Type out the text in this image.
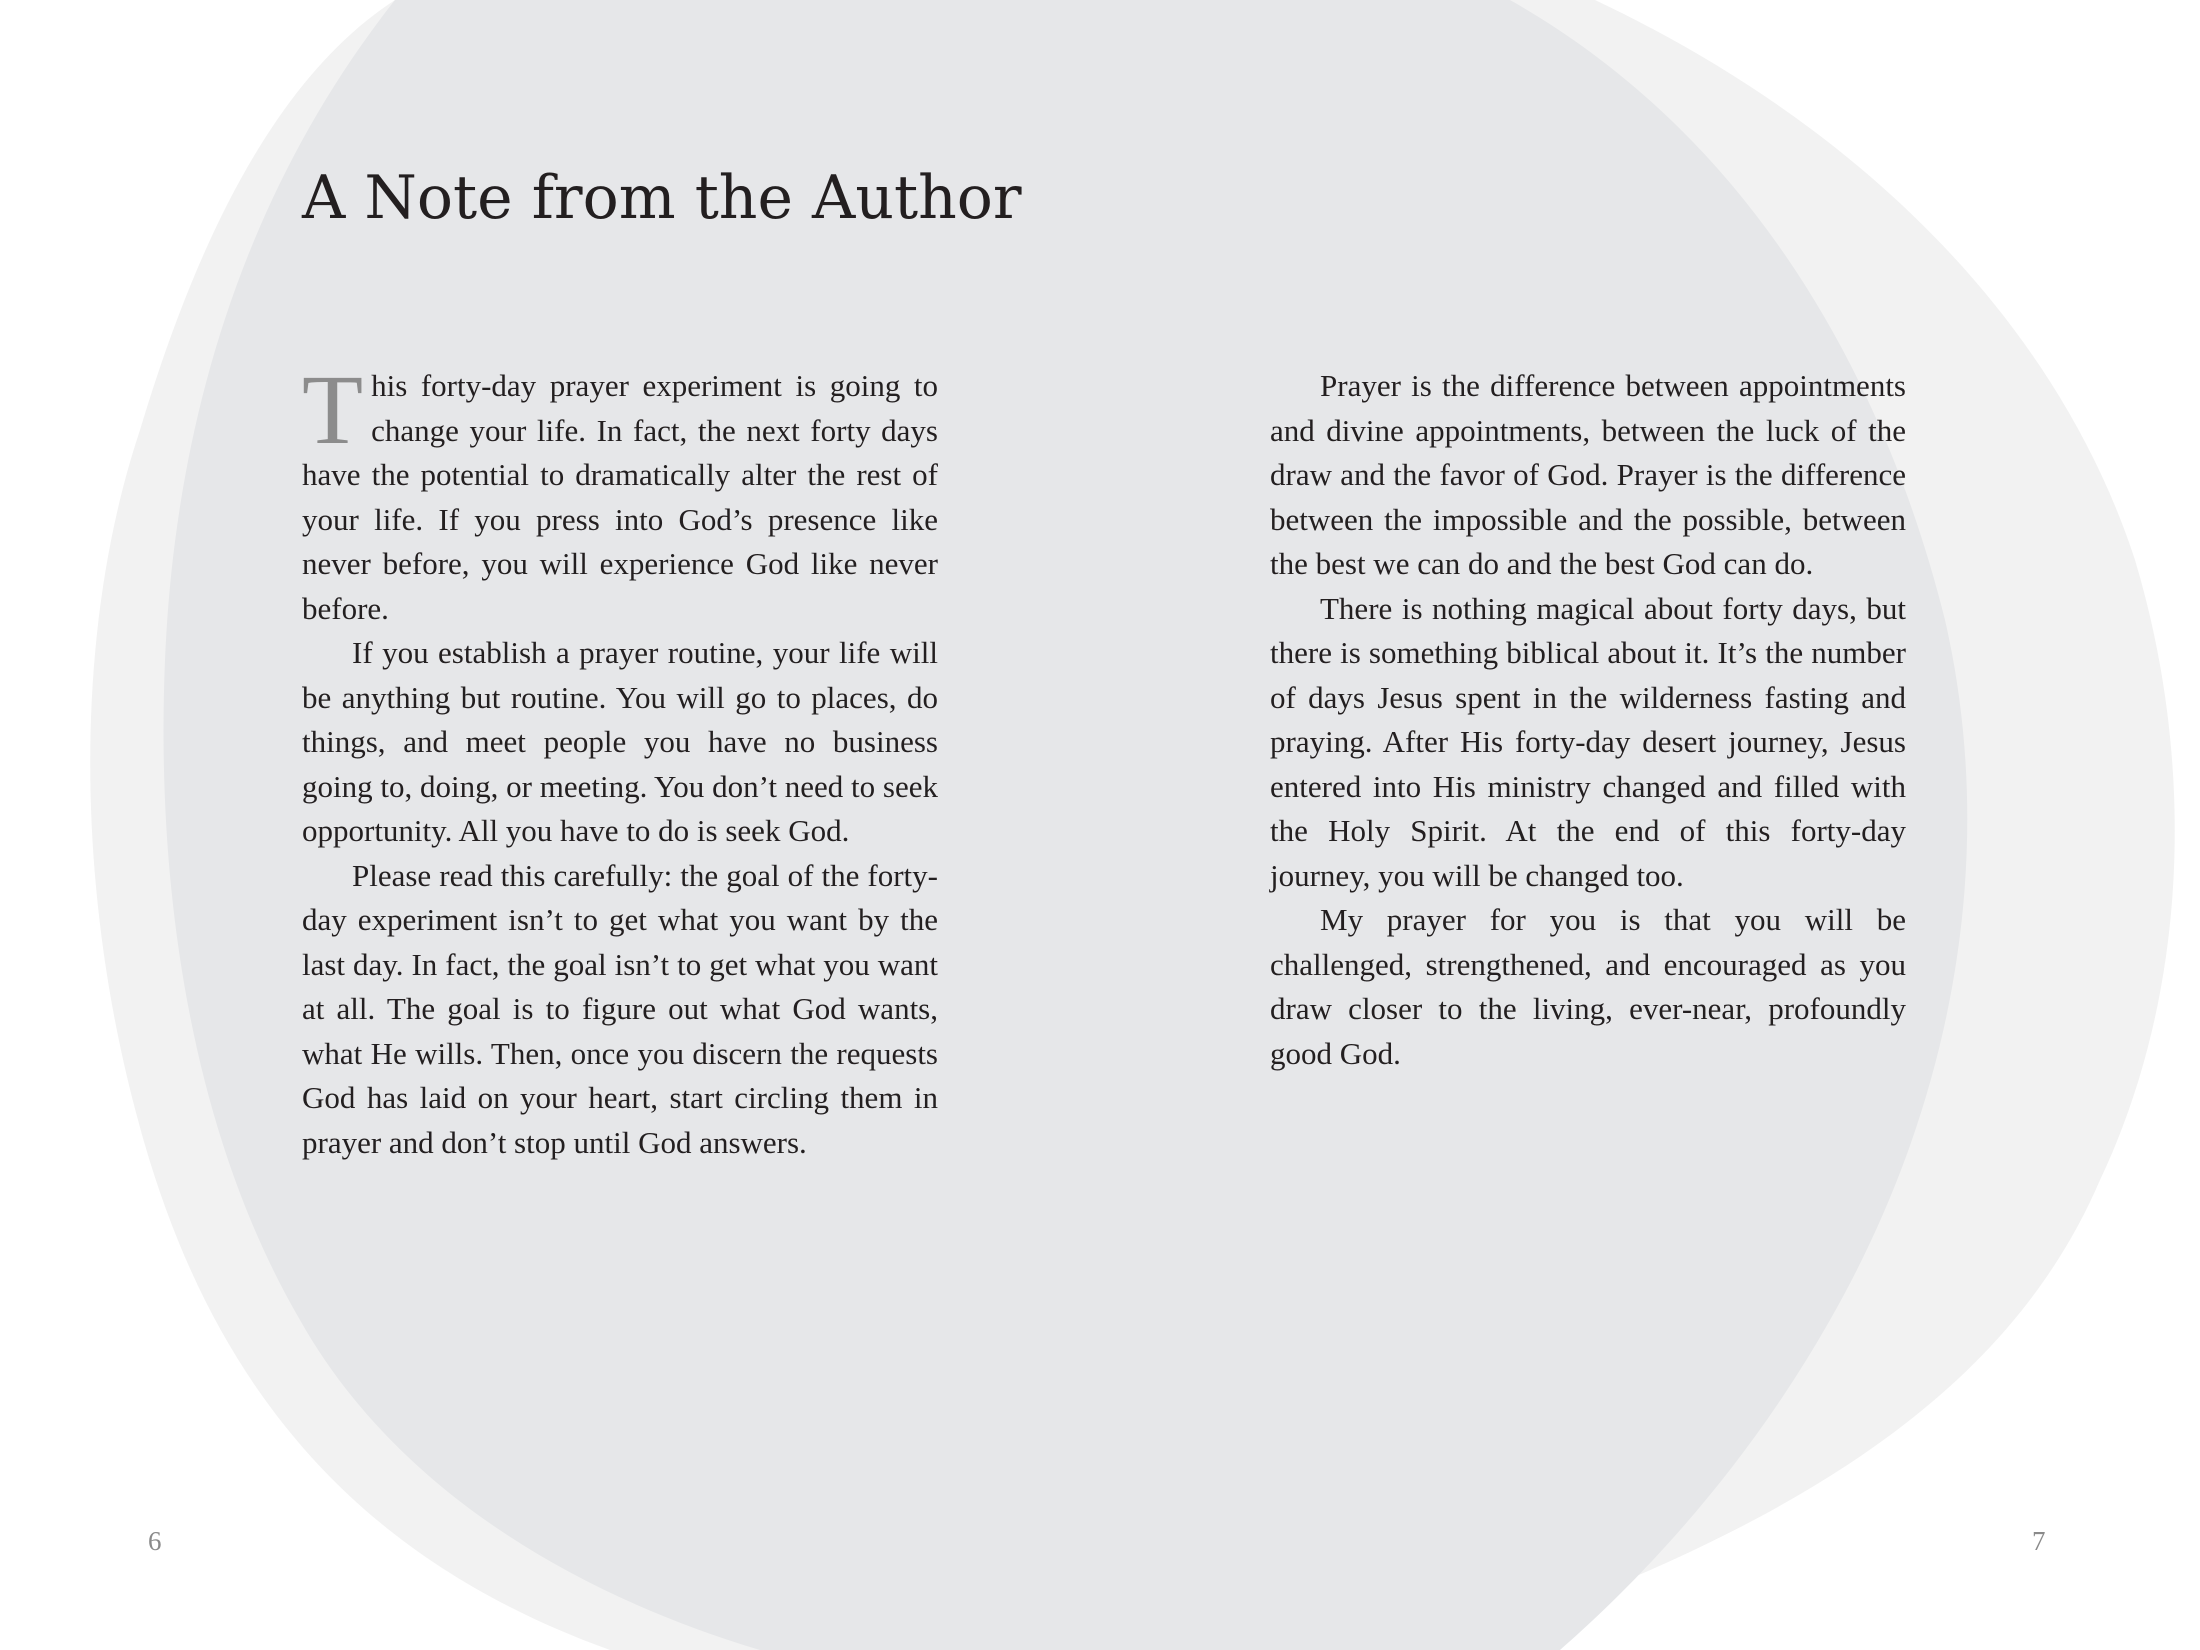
A Note from the Author

This forty-day prayer experiment is going to change your life. In fact, the next forty days have the potential to dramatically alter the rest of your life. If you press into God’s presence like never before, you will experience God like never before.

If you establish a prayer routine, your life will be anything but routine. You will go to places, do things, and meet people you have no business going to, doing, or meeting. You don’t need to seek opportunity. All you have to do is seek God.

Please read this carefully: the goal of the forty-day experiment isn’t to get what you want by the last day. In fact, the goal isn’t to get what you want at all. The goal is to figure out what God wants, what He wills. Then, once you discern the requests God has laid on your heart, start circling them in prayer and don’t stop until God answers.

Prayer is the difference between appointments and divine appointments, between the luck of the draw and the favor of God. Prayer is the difference between the impossible and the possible, between the best we can do and the best God can do.

There is nothing magical about forty days, but there is something biblical about it. It’s the number of days Jesus spent in the wilderness fasting and praying. After His forty-day desert journey, Jesus entered into His ministry changed and filled with the Holy Spirit. At the end of this forty-day journey, you will be changed too.

My prayer for you is that you will be challenged, strengthened, and encouraged as you draw closer to the living, ever-near, profoundly good God.

6	7
